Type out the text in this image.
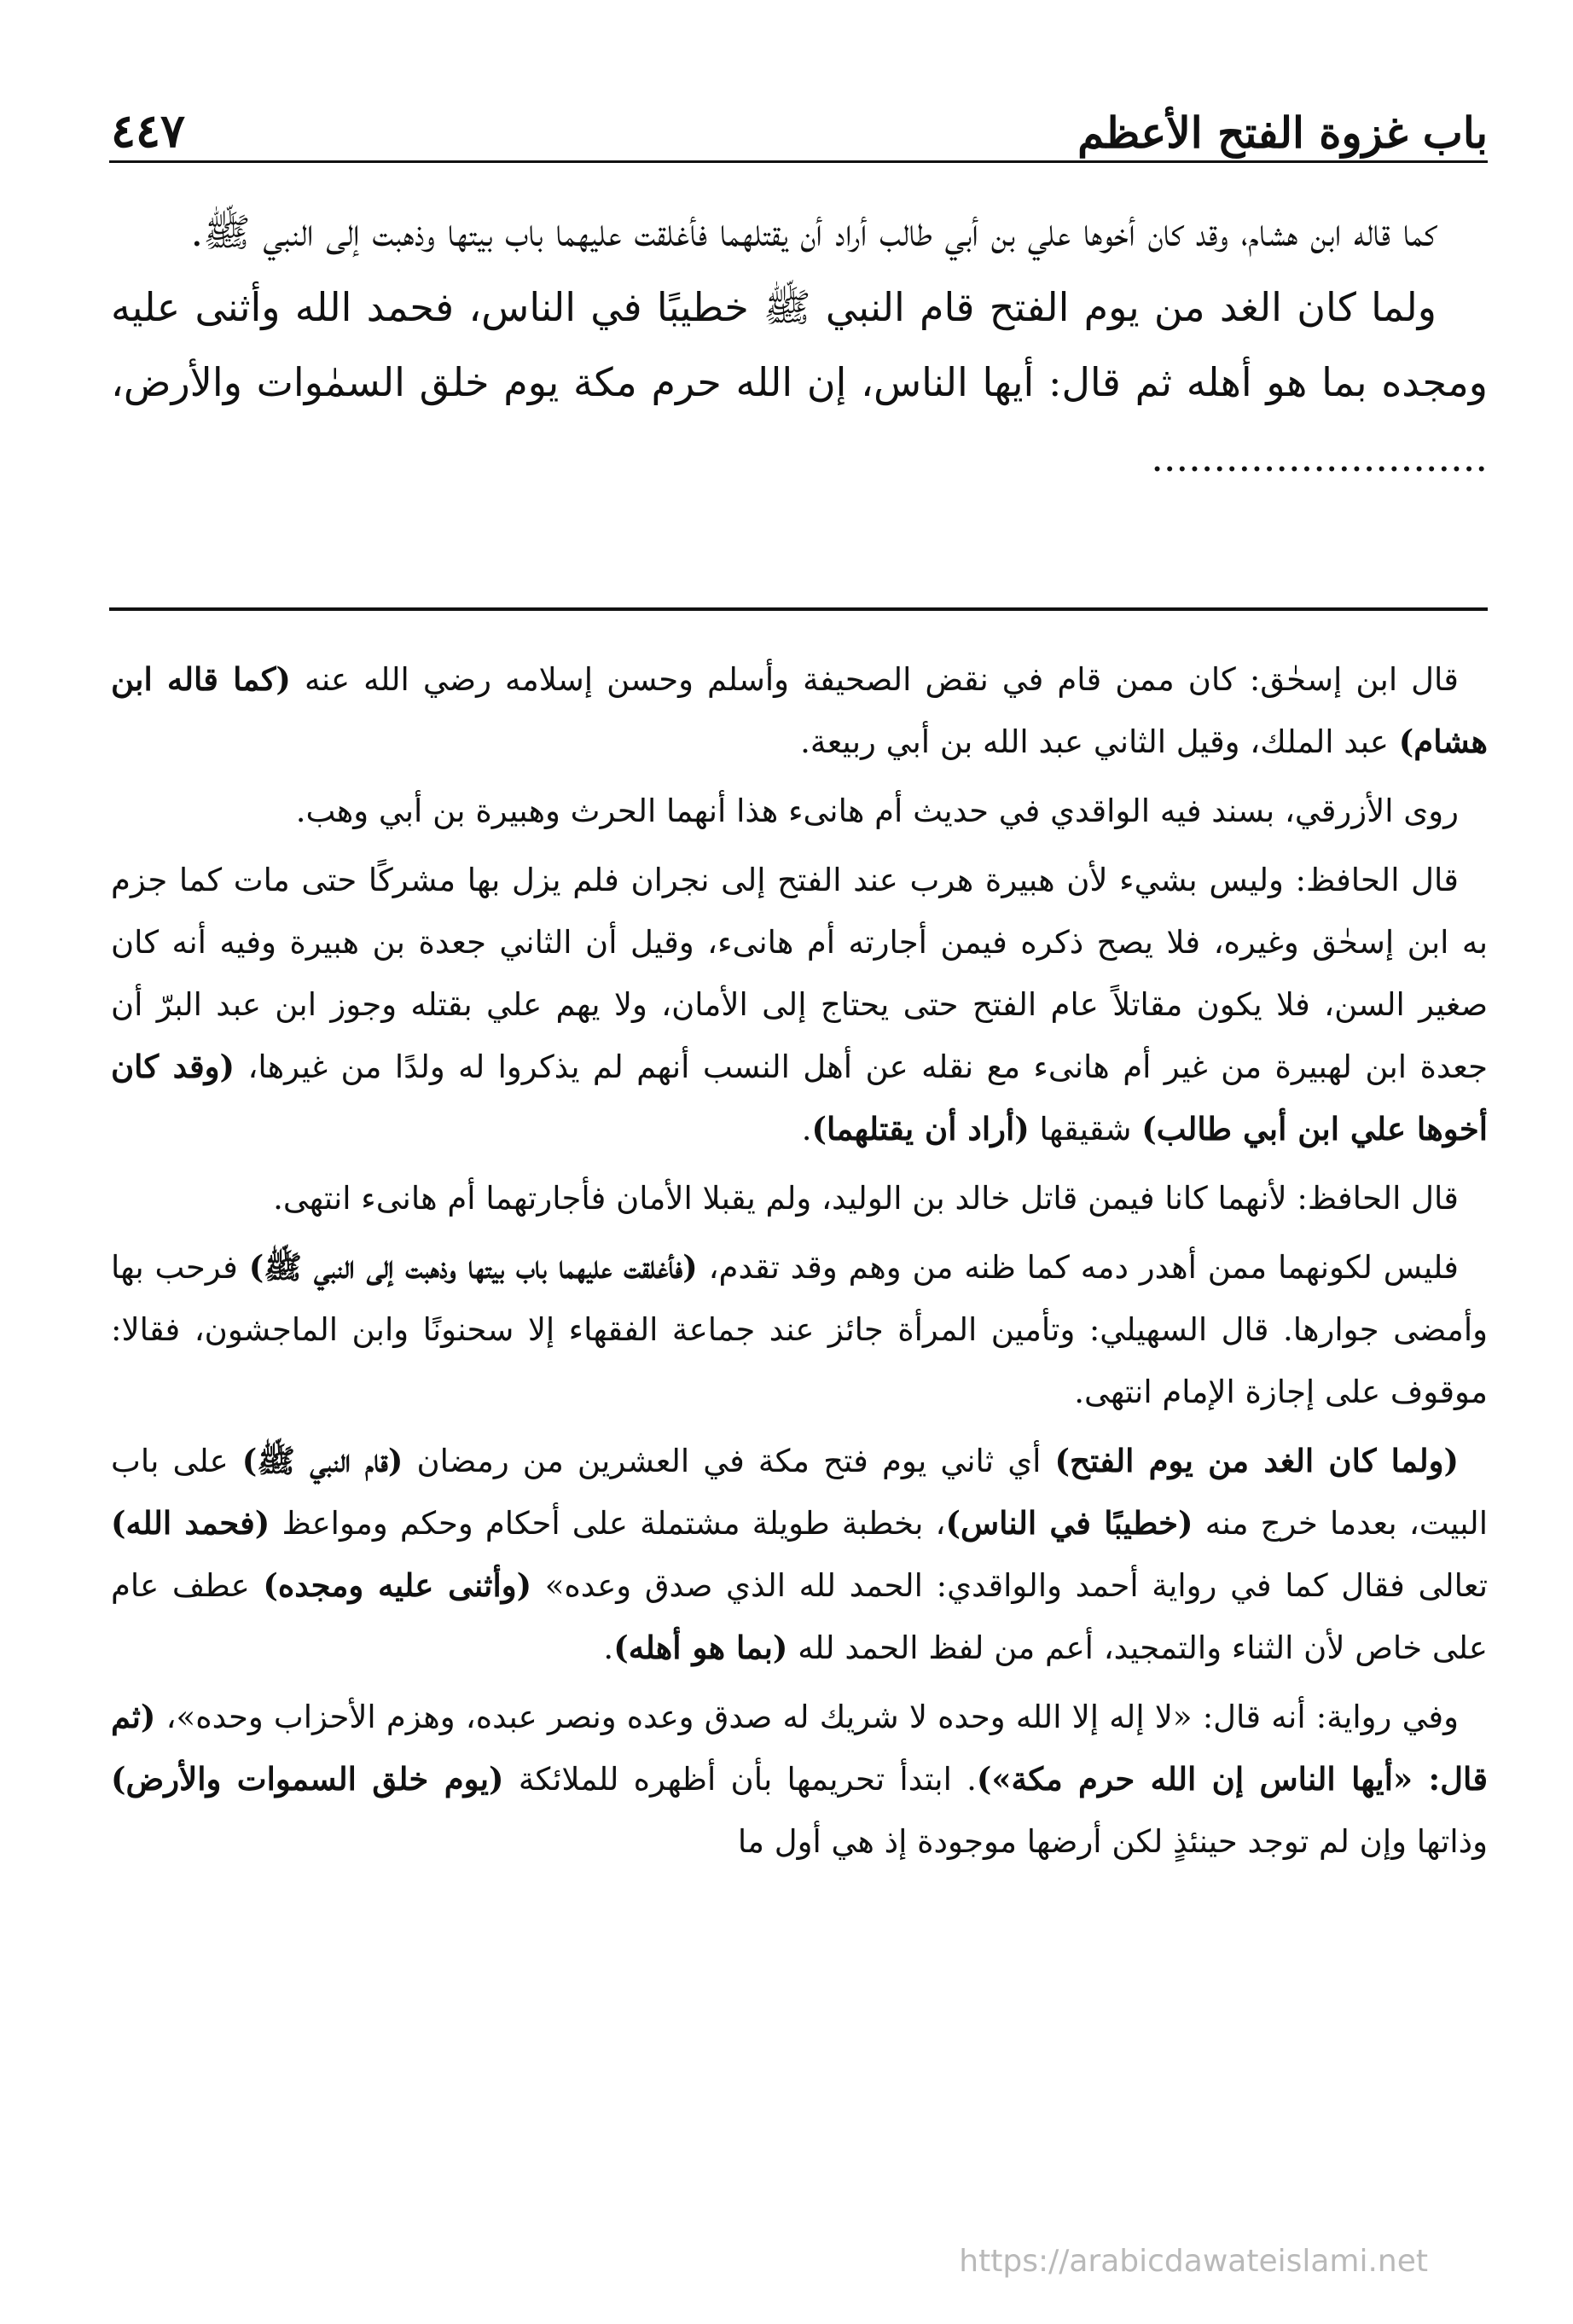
باب غزوة الفتح الأعظم
٤٤٧

كما قاله ابن هشام، وقد كان أخوها علي بن أبي طالب أراد أن يقتلهما فأغلقت عليهما باب بيتها وذهبت إلى النبي ﷺ.

ولما كان الغد من يوم الفتح قام النبي ﷺ خطيبًا في الناس، فحمد الله وأثنى عليه ومجده بما هو أهله ثم قال: أيها الناس، إن الله حرم مكة يوم خلق السمٰوات والأرض، ...........................

قال ابن إسحٰق: كان ممن قام في نقض الصحيفة وأسلم وحسن إسلامه رضي الله عنه (كما قاله ابن هشام) عبد الملك، وقيل الثاني عبد الله بن أبي ربيعة.

روى الأزرقي، بسند فيه الواقدي في حديث أم هانىء هذا أنهما الحرث وهبيرة بن أبي وهب.

قال الحافظ: وليس بشيء لأن هبيرة هرب عند الفتح إلى نجران فلم يزل بها مشركًا حتى مات كما جزم به ابن إسحٰق وغيره، فلا يصح ذكره فيمن أجارته أم هانىء، وقيل أن الثاني جعدة بن هبيرة وفيه أنه كان صغير السن، فلا يكون مقاتلاً عام الفتح حتى يحتاج إلى الأمان، ولا يهم علي بقتله وجوز ابن عبد البرّ أن جعدة ابن لهبيرة من غير أم هانىء مع نقله عن أهل النسب أنهم لم يذكروا له ولدًا من غيرها، (وقد كان أخوها علي ابن أبي طالب) شقيقها (أراد أن يقتلهما).

قال الحافظ: لأنهما كانا فيمن قاتل خالد بن الوليد، ولم يقبلا الأمان فأجارتهما أم هانىء انتهى.

فليس لكونهما ممن أهدر دمه كما ظنه من وهم وقد تقدم، (فأغلقت عليهما باب بيتها وذهبت إلى النبي ﷺ) فرحب بها وأمضى جوارها. قال السهيلي: وتأمين المرأة جائز عند جماعة الفقهاء إلا سحنونًا وابن الماجشون، فقالا: موقوف على إجازة الإمام انتهى.

(ولما كان الغد من يوم الفتح) أي ثاني يوم فتح مكة في العشرين من رمضان (قام النبي ﷺ) على باب البيت، بعدما خرج منه (خطيبًا في الناس)، بخطبة طويلة مشتملة على أحكام وحكم ومواعظ (فحمد الله) تعالى فقال كما في رواية أحمد والواقدي: الحمد لله الذي صدق وعده» (وأثنى عليه ومجده) عطف عام على خاص لأن الثناء والتمجيد، أعم من لفظ الحمد لله (بما هو أهله).

وفي رواية: أنه قال: «لا إله إلا الله وحده لا شريك له صدق وعده ونصر عبده، وهزم الأحزاب وحده»، (ثم قال: «أيها الناس إن الله حرم مكة»). ابتدأ تحريمها بأن أظهره للملائكة (يوم خلق السموات والأرض) وذاتها وإن لم توجد حينئذٍ لكن أرضها موجودة إذ هي أول ما

https://arabicdawateislami.net
